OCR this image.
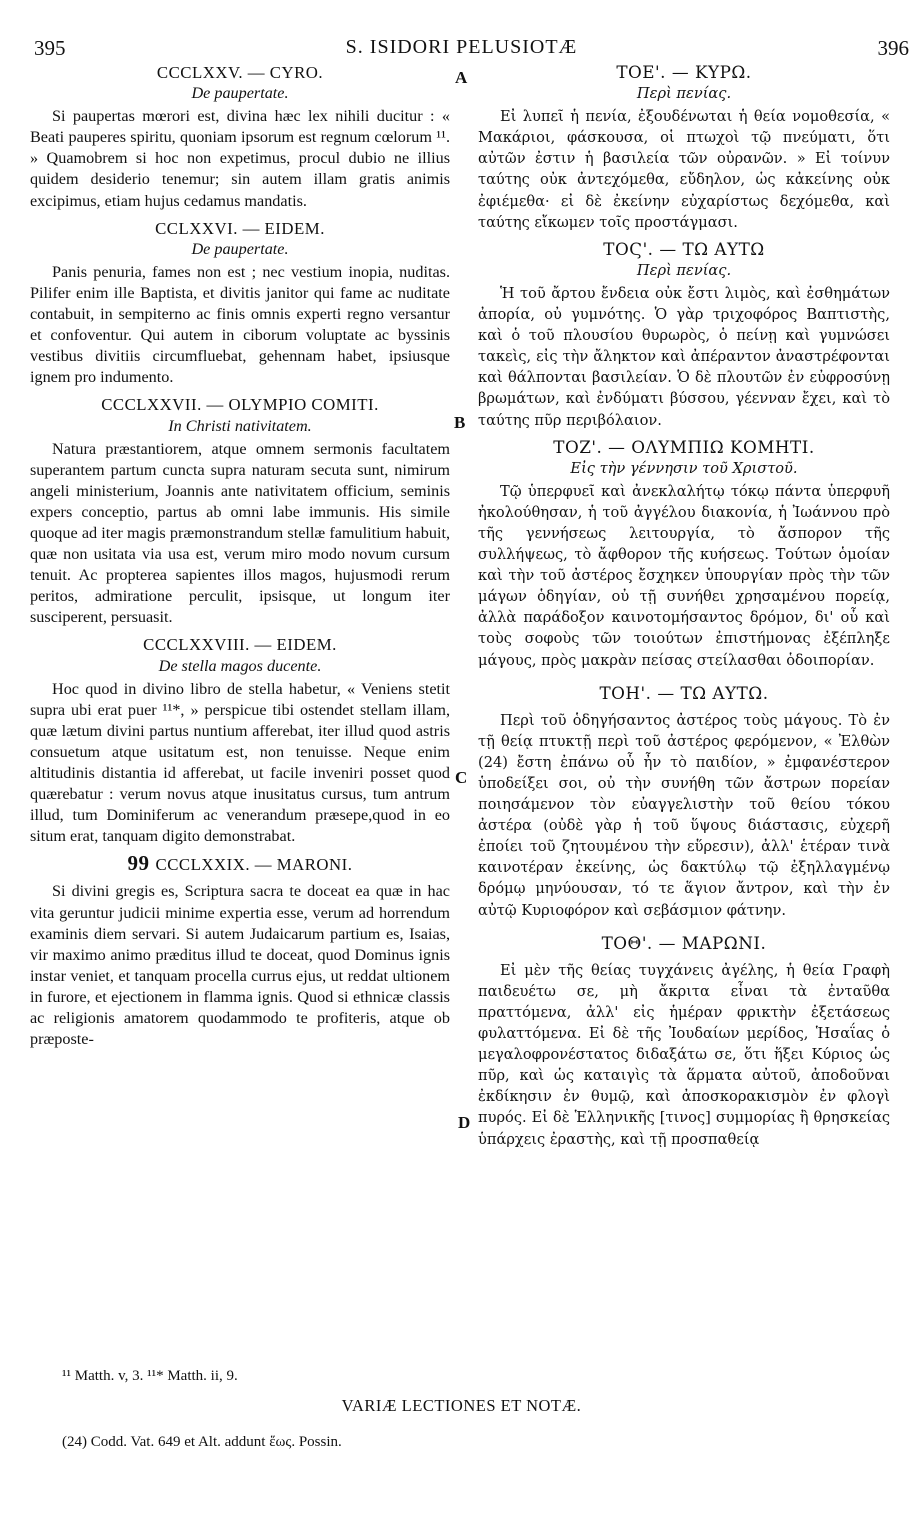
395	S. ISIDORI PELUSIOTÆ	396
A
B
C
D

CCCLXXV. — CYRO.

De paupertate.

Si paupertas mœrori est, divina hæc lex nihili ducitur : « Beati pauperes spiritu, quoniam ipsorum est regnum cœlorum ¹¹. » Quamobrem si hoc non expetimus, procul dubio ne illius quidem desiderio tenemur; sin autem illam gratis animis excipimus, etiam hujus cedamus mandatis.

CCLXXVI. — EIDEM.

De paupertate.

Panis penuria, fames non est ; nec vestium inopia, nuditas. Pilifer enim ille Baptista, et divitis janitor qui fame ac nuditate contabuit, in sempiterno ac finis omnis experti regno versantur et confoventur. Qui autem in ciborum voluptate ac byssinis vestibus divitiis circumfluebat, gehennam habet, ipsiusque ignem pro indumento.

CCCLXXVII. — OLYMPIO COMITI.

In Christi nativitatem.

Natura præstantiorem, atque omnem sermonis facultatem superantem partum cuncta supra naturam secuta sunt, nimirum angeli ministerium, Joannis ante nativitatem officium, seminis expers conceptio, partus ab omni labe immunis. His simile quoque ad iter magis præmonstrandum stellæ famulitium habuit, quæ non usitata via usa est, verum miro modo novum cursum tenuit. Ac propterea sapientes illos magos, hujusmodi rerum peritos, admiratione perculit, ipsisque, ut longum iter susciperent, persuasit.

CCCLXXVIII. — EIDEM.

De stella magos ducente.

Hoc quod in divino libro de stella habetur, « Veniens stetit supra ubi erat puer ¹¹*, » perspicue tibi ostendet stellam illam, quæ lætum divini partus nuntium afferebat, iter illud quod astris consuetum atque usitatum est, non tenuisse. Neque enim altitudinis distantia id afferebat, ut facile inveniri posset quod quærebatur : verum novus atque inusitatus cursus, tum antrum illud, tum Dominiferum ac venerandum præsepe,quod in eo situm erat, tanquam digito demonstrabat.

99 CCCLXXIX. — MARONI.

Si divini gregis es, Scriptura sacra te doceat ea quæ in hac vita geruntur judicii minime expertia esse, verum ad horrendum examinis diem servari. Si autem Judaicarum partium es, Isaias, vir maximo animo præditus illud te doceat, quod Dominus ignis instar veniet, et tanquam procella currus ejus, ut reddat ultionem in furore, et ejectionem in flamma ignis. Quod si ethnicæ classis ac religionis amatorem quodammodo te profiteris, atque ob præposte-

ΤΟΕ'. — ΚΥΡΩ.

Περὶ πενίας.

Εἰ λυπεῖ ἡ πενία, ἐξουδένωται ἡ θεία νομοθεσία, « Μακάριοι, φάσκουσα, οἱ πτωχοὶ τῷ πνεύματι, ὅτι αὐτῶν ἐστιν ἡ βασιλεία τῶν οὐρανῶν. » Εἰ τοίνυν ταύτης οὐκ ἀντεχόμεθα, εὔδηλον, ὡς κἀκείνης οὐκ ἐφιέμεθα· εἰ δὲ ἐκείνην εὐχαρίστως δεχόμεθα, καὶ ταύτης εἴκωμεν τοῖς προστάγμασι.

ΤΟϚ'. — ΤΩ ΑΥΤΩ

Περὶ πενίας.

Ἡ τοῦ ἄρτου ἔνδεια οὐκ ἔστι λιμὸς, καὶ ἐσθημάτων ἀπορία, οὐ γυμνότης. Ὁ γὰρ τριχοφόρος Βαπτιστὴς, καὶ ὁ τοῦ πλουσίου θυρωρὸς, ὁ πείνῃ καὶ γυμνώσει τακεὶς, εἰς τὴν ἄληκτον καὶ ἀπέραντον ἀναστρέφονται καὶ θάλπονται βασιλείαν. Ὁ δὲ πλουτῶν ἐν εὐφροσύνῃ βρωμάτων, καὶ ἐνδύματι βύσσου, γέενναν ἔχει, καὶ τὸ ταύτης πῦρ περιβόλαιον.

ΤΟΖ'. — ΟΛΥΜΠΙΩ ΚΟΜΗΤΙ.

Εἰς τὴν γέννησιν τοῦ Χριστοῦ.

Τῷ ὑπερφυεῖ καὶ ἀνεκλαλήτῳ τόκῳ πάντα ὑπερφυῆ ἠκολούθησαν, ἡ τοῦ ἀγγέλου διακονία, ἡ Ἰωάννου πρὸ τῆς γεννήσεως λειτουργία, τὸ ἄσπορον τῆς συλλήψεως, τὸ ἄφθορον τῆς κυήσεως. Τούτων ὁμοίαν καὶ τὴν τοῦ ἀστέρος ἔσχηκεν ὑπουργίαν πρὸς τὴν τῶν μάγων ὁδηγίαν, οὐ τῇ συνήθει χρησαμένου πορείᾳ, ἀλλὰ παράδοξον καινοτομήσαντος δρόμον, δι' οὗ καὶ τοὺς σοφοὺς τῶν τοιούτων ἐπιστήμονας ἐξέπληξε μάγους, πρὸς μακρὰν πείσας στείλασθαι ὁδοιπορίαν.

ΤΟΗ'. — ΤΩ ΑΥΤΩ.

Περὶ τοῦ ὁδηγήσαντος ἀστέρος τοὺς μάγους. Τὸ ἐν τῇ θείᾳ πτυκτῇ περὶ τοῦ ἀστέρος φερόμενον, « Ἐλθὼν (24) ἔστη ἐπάνω οὗ ἦν τὸ παιδίον, » ἐμφανέστερον ὑποδείξει σοι, οὐ τὴν συνήθη τῶν ἄστρων πορείαν ποιησάμενον τὸν εὐαγγελιστὴν τοῦ θείου τόκου ἀστέρα (οὐδὲ γὰρ ἡ τοῦ ὕψους διάστασις, εὐχερῆ ἐποίει τοῦ ζητουμένου τὴν εὕρεσιν), ἀλλ' ἑτέραν τινὰ καινοτέραν ἐκείνης, ὡς δακτύλῳ τῷ ἐξηλλαγμένῳ δρόμῳ μηνύουσαν, τό τε ἅγιον ἄντρον, καὶ τὴν ἐν αὐτῷ Κυριοφόρον καὶ σεβάσμιον φάτνην.

ΤΟΘ'. — ΜΑΡΩΝΙ.

Εἰ μὲν τῆς θείας τυγχάνεις ἀγέλης, ἡ θεία Γραφὴ παιδευέτω σε, μὴ ἄκριτα εἶναι τὰ ἐνταῦθα πραττόμενα, ἀλλ' εἰς ἡμέραν φρικτὴν ἐξετάσεως φυλαττόμενα. Εἰ δὲ τῆς Ἰουδαίων μερίδος, Ἡσαΐας ὁ μεγαλοφρονέστατος διδαξάτω σε, ὅτι ἥξει Κύριος ὡς πῦρ, καὶ ὡς καταιγὶς τὰ ἅρματα αὐτοῦ, ἀποδοῦναι ἐκδίκησιν ἐν θυμῷ, καὶ ἀποσκορακισμὸν ἐν φλογὶ πυρός. Εἰ δὲ Ἑλληνικῆς [τινος] συμμορίας ἢ θρησκείας ὑπάρχεις ἐραστὴς, καὶ τῇ προσπαθείᾳ

¹¹ Matth. v, 3. ¹¹* Matth. ii, 9.
VARIÆ LECTIONES ET NOTÆ.
(24) Codd. Vat. 649 et Alt. addunt ἕως. Possin.
